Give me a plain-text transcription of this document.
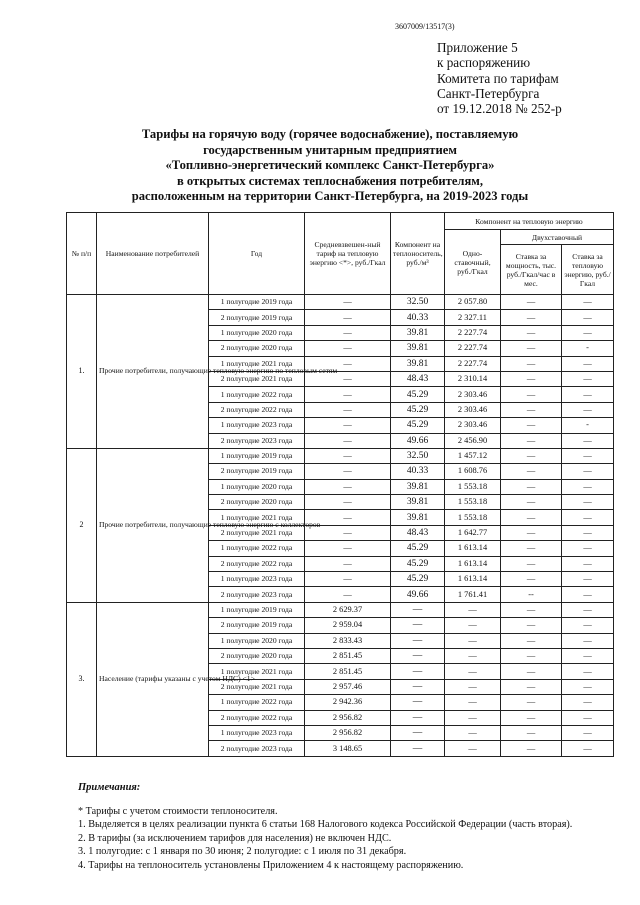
3607009/13517(3)
Приложение 5
к распоряжению
Комитета по тарифам
Санкт-Петербурга
от 19.12.2018 № 252-р
Тарифы на горячую воду (горячее водоснабжение), поставляемую
государственным унитарным предприятием
«Топливно-энергетический комплекс Санкт-Петербурга»
в открытых системах теплоснабжения потребителям,
расположенным на территории Санкт-Петербурга, на 2019-2023 годы
№ п/п	Наименование потребителей	Год	Средневзвешен-ный тариф на тепловую энергию <*>, руб./Гкал	Компонент на теплоноситель, руб./м³	Компонент на тепловую энергию		
					Одно-ставочный, руб./Гкал	Двухставочный	
						Ставка за мощность, тыс. руб./Гкал/час в мес.	Ставка за тепловую энергию, руб./Гкал
1.	Прочие потребители, получающие тепловую энергию по тепловым сетям	1 полугодие 2019 года	—	32.50	2 057.80	—	—
		2 полугодие 2019 года	—	40.33	2 327.11	—	—
		1 полугодие 2020 года	—	39.81	2 227.74	—	—
		2 полугодие 2020 года	—	39.81	2 227.74	—	-
		1 полугодие 2021 года	—	39.81	2 227.74	—	—
		2 полугодие 2021 года	—	48.43	2 310.14	—	—
		1 полугодие 2022 года	—	45.29	2 303.46	—	—
		2 полугодие 2022 года	—	45.29	2 303.46	—	—
		1 полугодие 2023 года	—	45.29	2 303.46	—	-
		2 полугодие 2023 года	—	49.66	2 456.90	—	—
2	Прочие потребители, получающие тепловую энергию с коллекторов	1 полугодие 2019 года	—	32.50	1 457.12	—	—
		2 полугодие 2019 года	—	40.33	1 608.76	—	—
		1 полугодие 2020 года	—	39.81	1 553.18	—	—
		2 полугодие 2020 года	—	39.81	1 553.18	—	—
		1 полугодие 2021 года	—	39.81	1 553.18	—	—
		2 полугодие 2021 года	—	48.43	1 642.77	—	—
		1 полугодие 2022 года	—	45.29	1 613.14	—	—
		2 полугодие 2022 года	—	45.29	1 613.14	—	—
		1 полугодие 2023 года	—	45.29	1 613.14	—	—
		2 полугодие 2023 года	—	49.66	1 761.41	--	—
3.	Население (тарифы указаны с учетом НДС) <1>	1 полугодие 2019 года	2 629.37	—	—	—	—
		2 полугодие 2019 года	2 959.04	—	—	—	—
		1 полугодие 2020 года	2 833.43	—	—	—	—
		2 полугодие 2020 года	2 851.45	—	—	—	—
		1 полугодие 2021 года	2 851.45	—	—	—	—
		2 полугодие 2021 года	2 957.46	—	—	—	—
		1 полугодие 2022 года	2 942.36	—	—	—	—
		2 полугодие 2022 года	2 956.82	—	—	—	—
		1 полугодие 2023 года	2 956.82	—	—	—	—
		2 полугодие 2023 года	3 148.65	—	—	—	—
Примечания:
* Тарифы с учетом стоимости теплоносителя.
1. Выделяется в целях реализации пункта 6 статьи 168 Налогового кодекса Российской Федерации (часть вторая).
2. В тарифы (за исключением тарифов для населения) не включен НДС.
3. 1 полугодие: с 1 января по 30 июня; 2 полугодие: с 1 июля по 31 декабря.
4. Тарифы на теплоноситель установлены Приложением 4 к настоящему распоряжению.
